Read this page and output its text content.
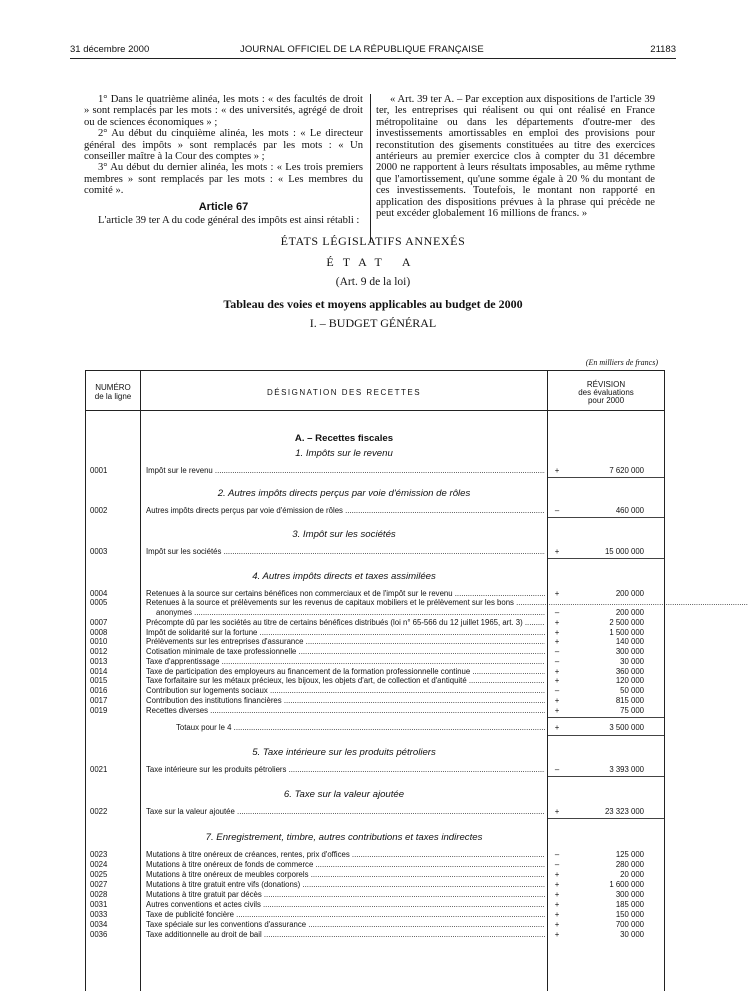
31 décembre 2000	JOURNAL OFFICIEL DE LA RÉPUBLIQUE FRANÇAISE	21183

1° Dans le quatrième alinéa, les mots : « des facultés de droit » sont remplacés par les mots : « des universités, agrégé de droit ou de sciences économiques » ;

2° Au début du cinquième alinéa, les mots : « Le directeur général des impôts » sont remplacés par les mots : « Un conseiller maître à la Cour des comptes » ;

3° Au début du dernier alinéa, les mots : « Les trois premiers membres » sont remplacés par les mots : « Les membres du comité ».

Article 67

L'article 39 ter A du code général des impôts est ainsi rétabli :

« Art. 39 ter A. – Par exception aux dispositions de l'article 39 ter, les entreprises qui réalisent ou qui ont réalisé en France métropolitaine ou dans les départements d'outre-mer des investissements amortissables en emploi des provisions pour reconstitution des gisements constituées au titre des exercices antérieurs au premier exercice clos à compter du 31 décembre 2000 ne rapportent à leurs résultats imposables, au même rythme que l'amortissement, qu'une somme égale à 20 % du montant de ces investissements. Toutefois, le montant non rapporté en application des dispositions prévues à la phrase qui précède ne peut excéder globalement 16 millions de francs. »

ÉTATS LÉGISLATIFS ANNEXÉS
ÉTAT A
(Art. 9 de la loi)
Tableau des voies et moyens applicables au budget de 2000
I. – BUDGET GÉNÉRAL
(En milliers de francs)
NUMÉRO
de la ligne	DÉSIGNATION DES RECETTES
RÉVISION
des évaluations
pour 2000
A. – Recettes fiscales
1. Impôts sur le revenu
0001	Impôt sur le revenu .....	+	7 620 000
2. Autres impôts directs perçus par voie d'émission de rôles
0002	Autres impôts directs perçus par voie d'émission de rôles .....	–	460 000
3. Impôt sur les sociétés
0003	Impôt sur les sociétés .....	+	15 000 000
4. Autres impôts directs et taxes assimilées
0004	Retenues à la source sur certains bénéfices non commerciaux et de l'impôt sur le revenu .....	+	200 000
0005	Retenues à la source et prélèvements sur les revenus de capitaux mobiliers et le prélèvement sur les bons .....
anonymes .....	–	200 000
0007	Précompte dû par les sociétés au titre de certains bénéfices distribués (loi n° 65-566 du 12 juillet 1965, art. 3) .....	+	2 500 000
0008	Impôt de solidarité sur la fortune .....	+	1 500 000
0010	Prélèvements sur les entreprises d'assurance .....	+	140 000
0012	Cotisation minimale de taxe professionnelle .....	–	300 000
0013	Taxe d'apprentissage .....	–	30 000
0014	Taxe de participation des employeurs au financement de la formation professionnelle continue .....	+	360 000
0015	Taxe forfaitaire sur les métaux précieux, les bijoux, les objets d'art, de collection et d'antiquité .....	+	120 000
0016	Contribution sur logements sociaux .....	–	50 000
0017	Contribution des institutions financières .....	+	815 000
0019	Recettes diverses .....	+	75 000
Totaux pour le 4 .....	+	3 500 000
5. Taxe intérieure sur les produits pétroliers
0021	Taxe intérieure sur les produits pétroliers .....	–	3 393 000
6. Taxe sur la valeur ajoutée
0022	Taxe sur la valeur ajoutée .....	+	23 323 000
7. Enregistrement, timbre, autres contributions et taxes indirectes
0023	Mutations à titre onéreux de créances, rentes, prix d'offices .....	–	125 000
0024	Mutations à titre onéreux de fonds de commerce .....	–	280 000
0025	Mutations à titre onéreux de meubles corporels .....	+	20 000
0027	Mutations à titre gratuit entre vifs (donations) .....	+	1 600 000
0028	Mutations à titre gratuit par décès .....	+	300 000
0031	Autres conventions et actes civils .....	+	185 000
0033	Taxe de publicité foncière .....	+	150 000
0034	Taxe spéciale sur les conventions d'assurance .....	+	700 000
0036	Taxe additionnelle au droit de bail .....	+	30 000
